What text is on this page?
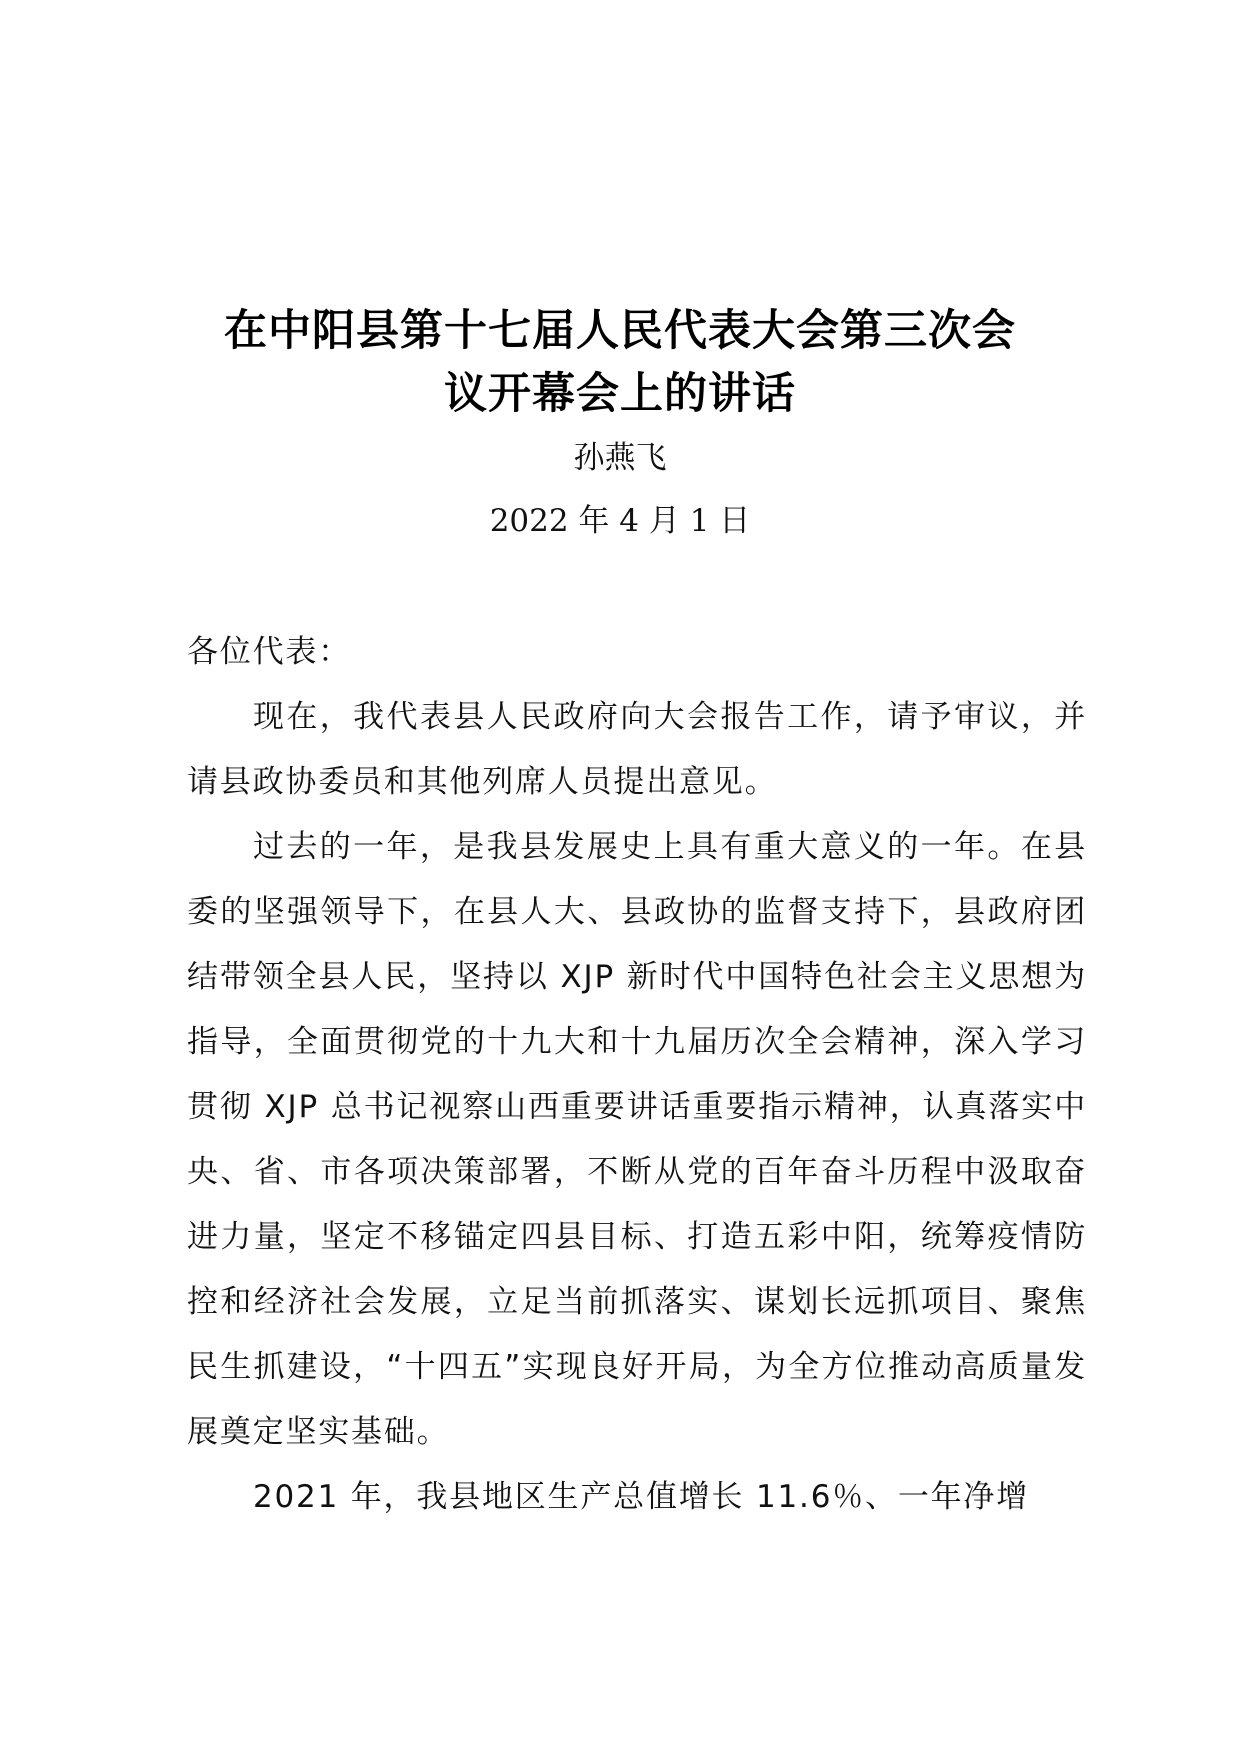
在中阳县第十七届人民代表大会第三次会
议开幕会上的讲话

孙燕飞

2022 年 4 月 1 日

各位代表：

现在，我代表县人民政府向大会报告工作，请予审议，并请县政协委员和其他列席人员提出意见。

过去的一年，是我县发展史上具有重大意义的一年。在县委的坚强领导下，在县人大、县政协的监督支持下，县政府团结带领全县人民，坚持以 XJP 新时代中国特色社会主义思想为指导，全面贯彻党的十九大和十九届历次全会精神，深入学习贯彻 XJP 总书记视察山西重要讲话重要指示精神，认真落实中央、省、市各项决策部署，不断从党的百年奋斗历程中汲取奋进力量，坚定不移锚定四县目标、打造五彩中阳，统筹疫情防控和经济社会发展，立足当前抓落实、谋划长远抓项目、聚焦民生抓建设，“十四五”实现良好开局，为全方位推动高质量发展奠定坚实基础。

2021 年，我县地区生产总值增长 11.6％、一年净增
